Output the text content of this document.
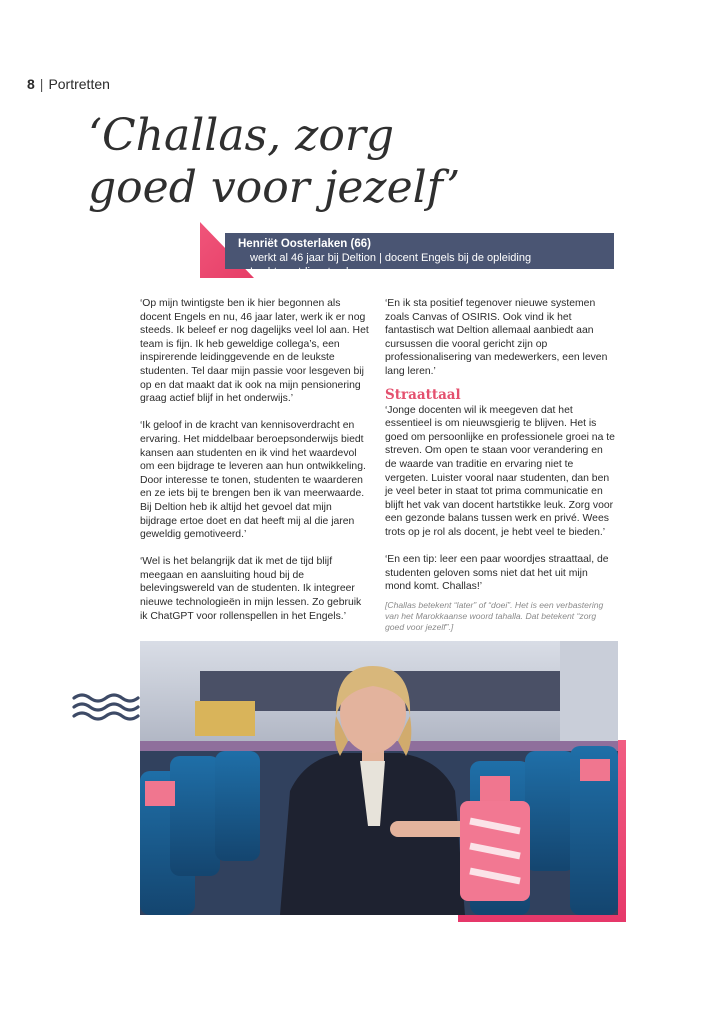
8 | Portretten
‘Challas, zorg
goed voor jezelf’
Henriët Oosterlaken (66)
werkt al 46 jaar bij Deltion | docent Engels bij de opleiding Luchtvaartdienstverlener

‘Op mijn twintigste ben ik hier begonnen als docent Engels en nu, 46 jaar later, werk ik er nog steeds. Ik beleef er nog dagelijks veel lol aan. Het team is fijn. Ik heb geweldige collega’s, een inspirerende leidinggevende en de leukste studenten. Tel daar mijn passie voor lesgeven bij op en dat maakt dat ik ook na mijn pensionering graag actief blijf in het onderwijs.’

‘Ik geloof in de kracht van kennisoverdracht en ervaring. Het middelbaar beroepsonderwijs biedt kansen aan studenten en ik vind het waardevol om een bijdrage te leveren aan hun ontwikkeling. Door interesse te tonen, studenten te waarderen en ze iets bij te brengen ben ik van meerwaarde. Bij Deltion heb ik altijd het gevoel dat mijn bijdrage ertoe doet en dat heeft mij al die jaren geweldig gemotiveerd.’

‘Wel is het belangrijk dat ik met de tijd blijf meegaan en aansluiting houd bij de belevingswereld van de studenten. Ik integreer nieuwe technologieën in mijn lessen. Zo gebruik ik ChatGPT voor rollenspellen in het Engels.’

‘En ik sta positief tegenover nieuwe systemen zoals Canvas of OSIRIS. Ook vind ik het fantastisch wat Deltion allemaal aanbiedt aan cursussen die vooral gericht zijn op professionalisering van medewerkers, een leven lang leren.’

Straattaal

‘Jonge docenten wil ik meegeven dat het essentieel is om nieuwsgierig te blijven. Het is goed om persoonlijke en professionele groei na te streven. Om open te staan voor verandering en de waarde van traditie en ervaring niet te vergeten. Luister vooral naar studenten, dan ben je veel beter in staat tot prima communicatie en blijft het vak van docent hartstikke leuk. Zorg voor een gezonde balans tussen werk en privé. Wees trots op je rol als docent, je hebt veel te bieden.’

‘En een tip: leer een paar woordjes straattaal, de studenten geloven soms niet dat het uit mijn mond komt. Challas!’

[Challas betekent “later” of “doei”. Het is een verbastering van het Marokkaanse woord tahalla. Dat betekent “zorg goed voor jezelf”.]
